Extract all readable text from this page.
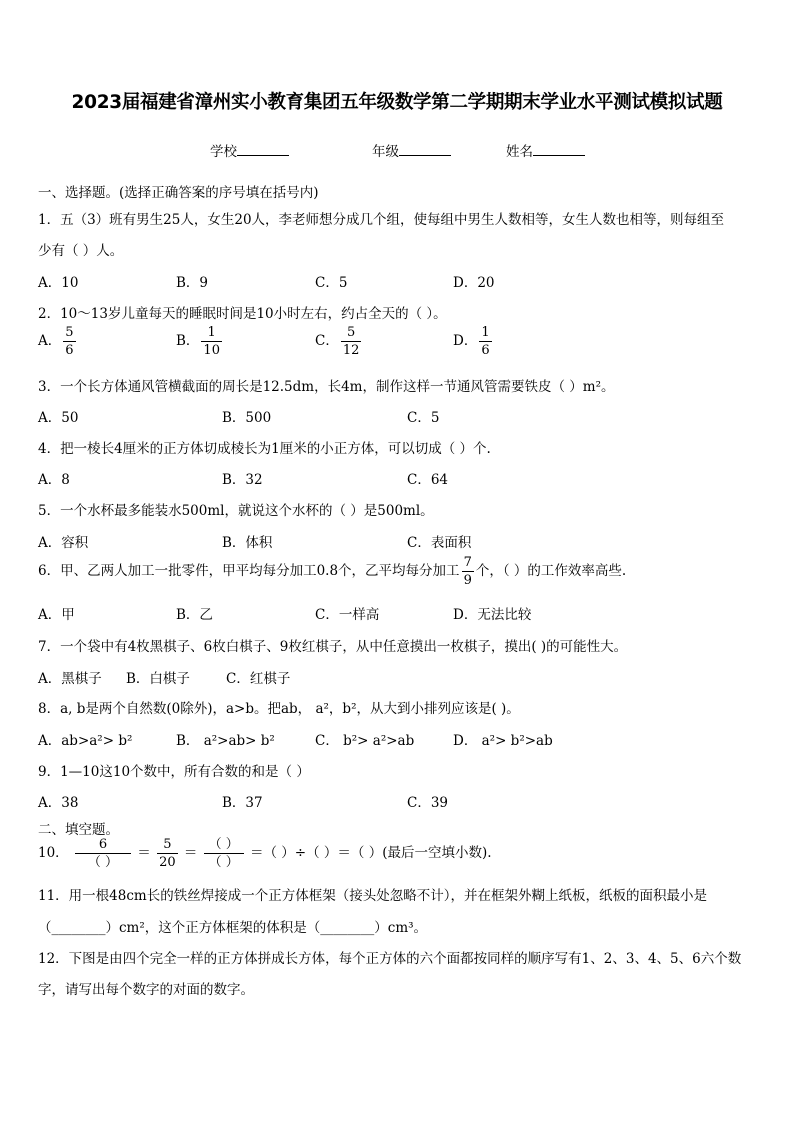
2023届福建省漳州实小教育集团五年级数学第二学期期末学业水平测试模拟试题
学校	年级	姓名
一、选择题。(选择正确答案的序号填在括号内)
1．五（3）班有男生25人，女生20人，李老师想分成几个组，使每组中男生人数相等，女生人数也相等，则每组至
少有（ ）人。
A．10	B．9	C．5	D．20
2．10～13岁儿童每天的睡眠时间是10小时左右，约占全天的（ ）。
A． $\frac{5}{6}$	B． $\frac{1}{10}$	C． $\frac{5}{12}$	D． $\frac{1}{6}$
3．一个长方体通风管横截面的周长是12.5dm，长4m，制作这样一节通风管需要铁皮（ ）m²。
A．50	B．500	C．5
4．把一棱长4厘米的正方体切成棱长为1厘米的小正方体，可以切成（ ）个.
A．8	B．32	C．64
5．一个水杯最多能装水500ml，就说这个水杯的（ ）是500ml。
A．容积	B．体积	C．表面积
6．甲、乙两人加工一批零件，甲平均每分加工0.8个，乙平均每分加工 $\frac{7}{9}$ 个，（ ）的工作效率高些.
A．甲	B．乙	C．一样高	D．无法比较
7．一个袋中有4枚黑棋子、6枚白棋子、9枚红棋子，从中任意摸出一枚棋子，摸出( )的可能性大。
A．黑棋子 B．白棋子	C．红棋子
8．a, b是两个自然数(0除外)，a>b。把ab， a²，b²，从大到小排列应该是( )。
A．ab>a²> b²	B． a²>ab> b²	C． b²> a²>ab	D． a²> b²>ab
9．1—10这10个数中，所有合数的和是（ ）
A．38	B．37	C．39
二、填空题。
10． $\frac{6}{( )} = \frac{5}{20} = \frac{( )}{( )}$ ＝（ ）÷（ ）＝（ ）(最后一空填小数).
11．用一根48cm长的铁丝焊接成一个正方体框架（接头处忽略不计），并在框架外糊上纸板，纸板的面积最小是
（________）cm²，这个正方体框架的体积是（________）cm³。
12．下图是由四个完全一样的正方体拼成长方体，每个正方体的六个面都按同样的顺序写有1、2、3、4、5、6六个数
字，请写出每个数字的对面的数字。
